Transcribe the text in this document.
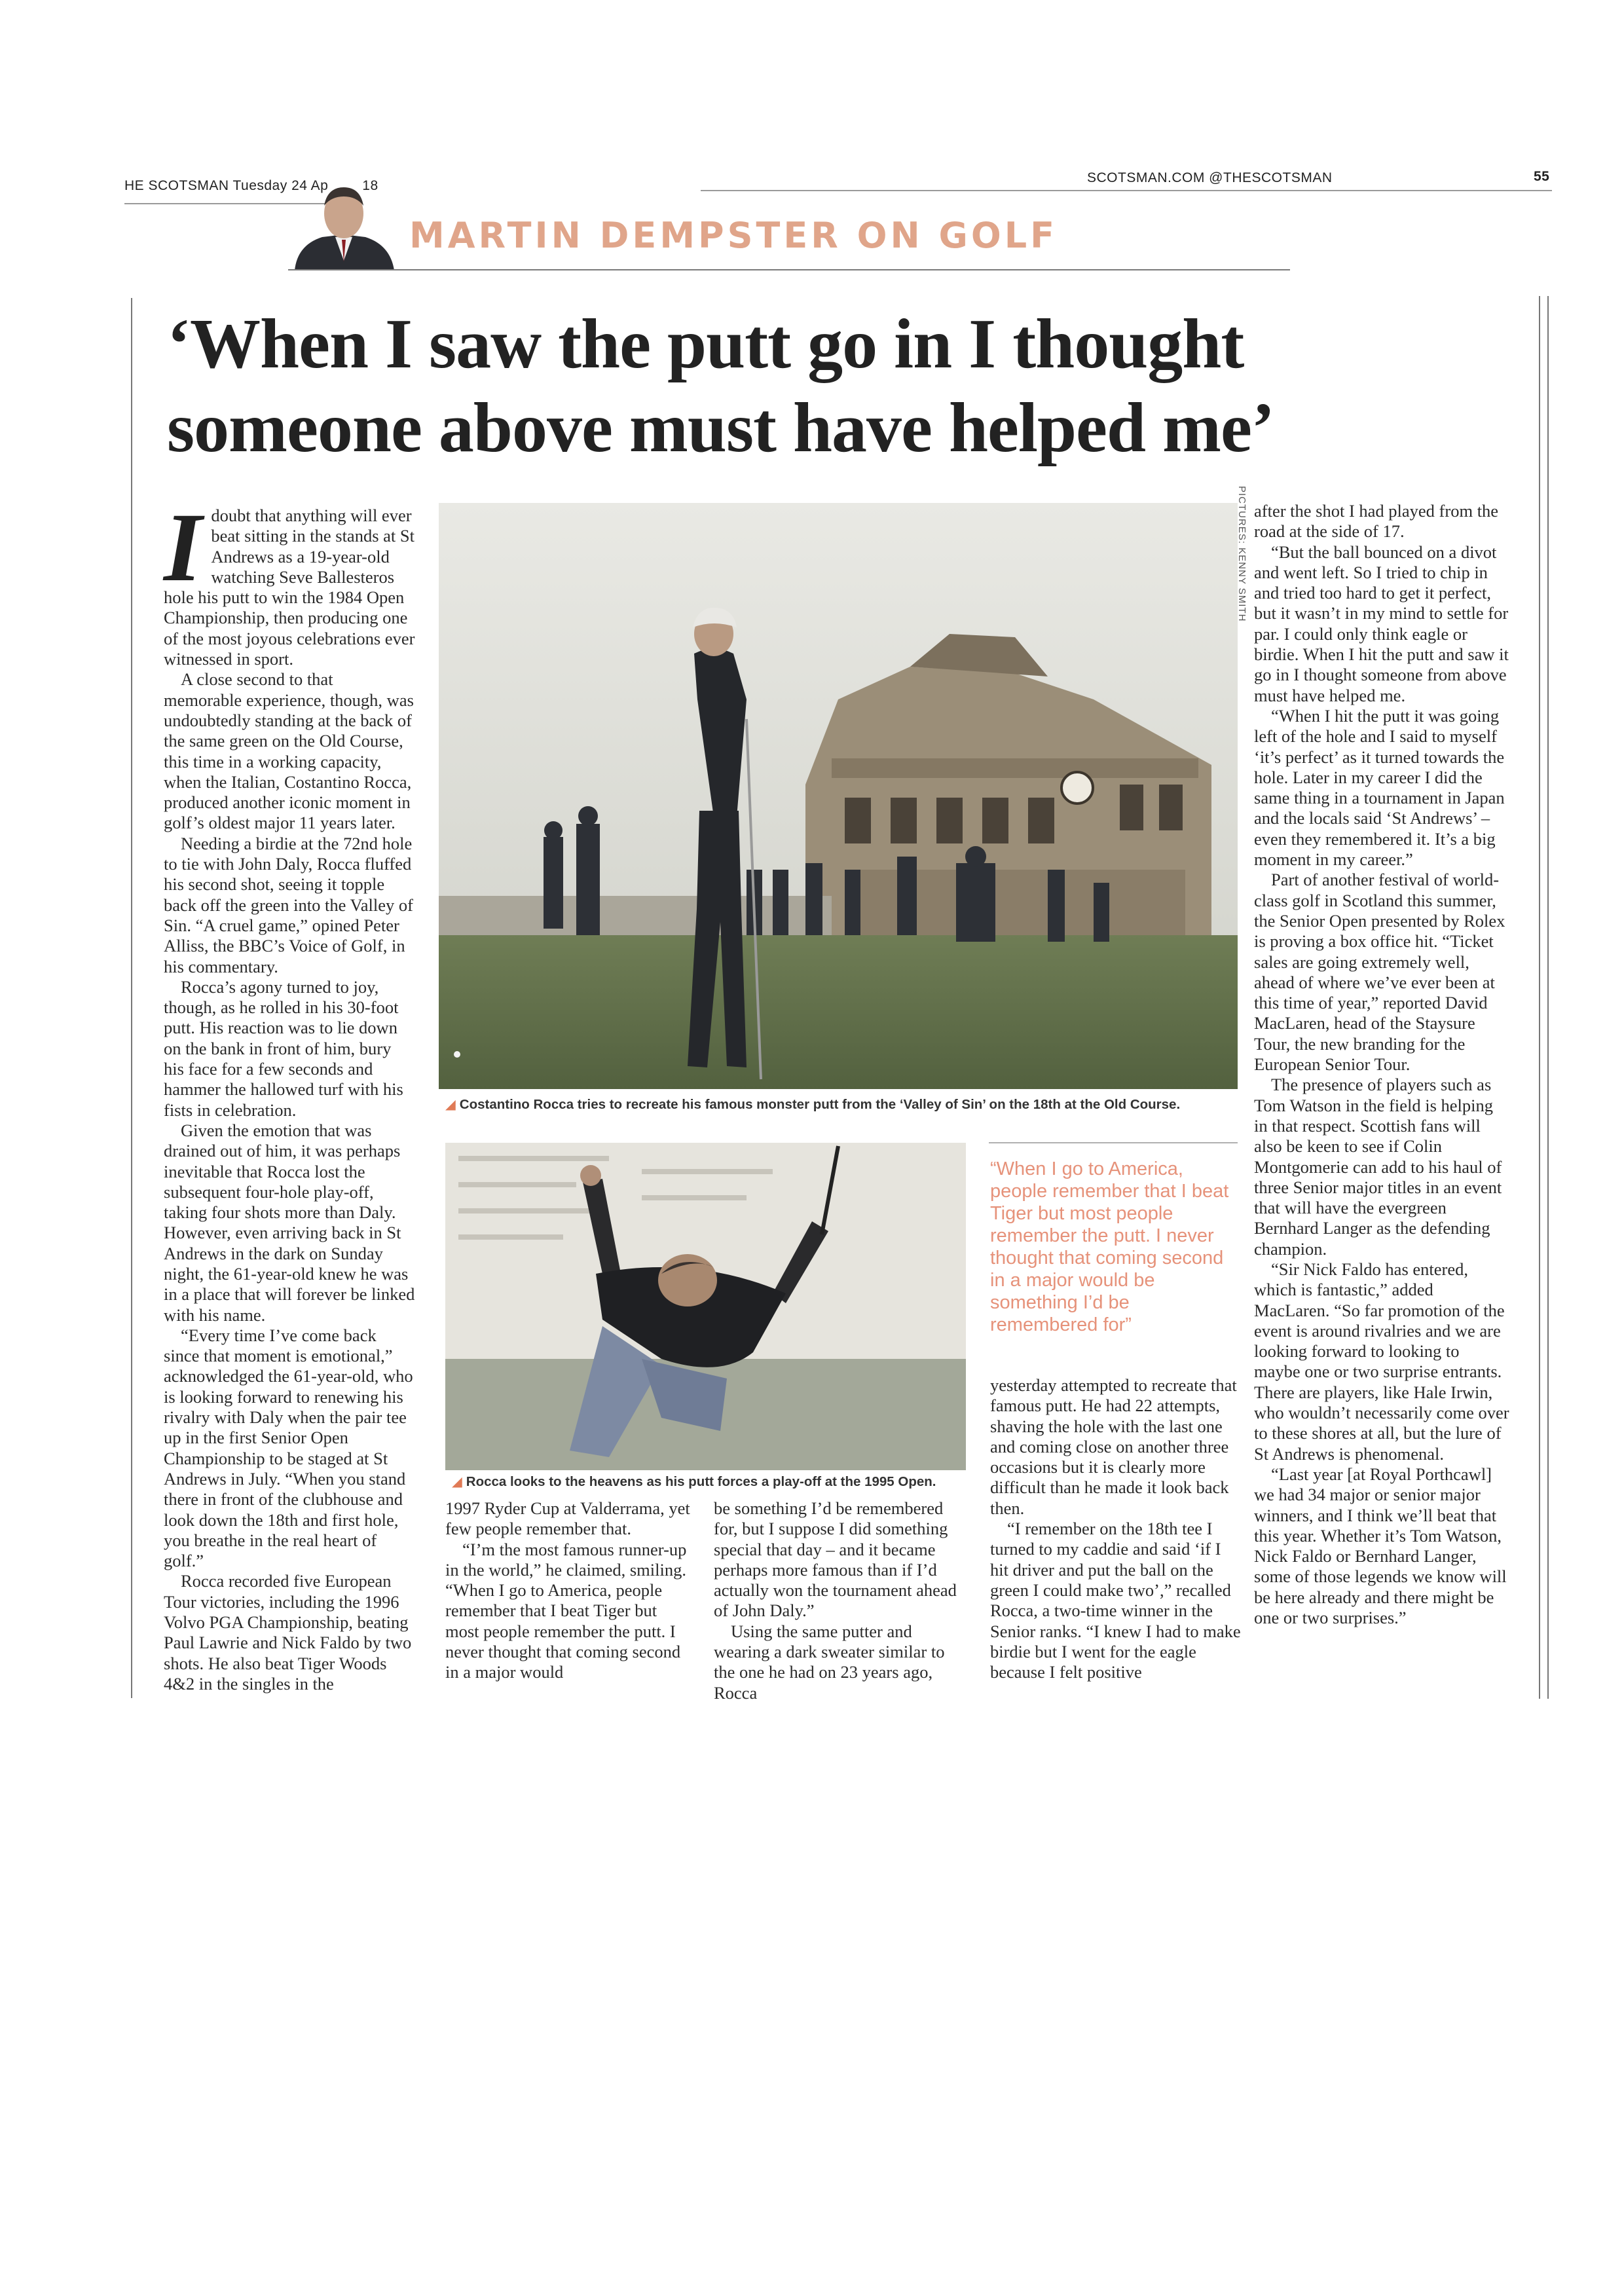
HE SCOTSMAN Tuesday 24 Ap 18
SCOTSMAN.COM @THESCOTSMAN	55
MARTIN DEMPSTER ON GOLF
‘When I saw the putt go in I thought
someone above must have helped me’
I doubt that anything will ever beat sitting in the stands at St Andrews as a 19-year-old watching Seve Ballesteros hole his putt to win the 1984 Open Championship, then producing one of the most joyous celebrations ever witnessed in sport.

A close second to that memorable experience, though, was undoubtedly standing at the back of the same green on the Old Course, this time in a working capacity, when the Italian, Costantino Rocca, produced another iconic moment in golf’s oldest major 11 years later.

Needing a birdie at the 72nd hole to tie with John Daly, Rocca fluffed his second shot, seeing it topple back off the green into the Valley of Sin. “A cruel game,” opined Peter Alliss, the BBC’s Voice of Golf, in his commentary.

Rocca’s agony turned to joy, though, as he rolled in his 30-foot putt. His reaction was to lie down on the bank in front of him, bury his face for a few seconds and hammer the hallowed turf with his fists in celebration.

Given the emotion that was drained out of him, it was perhaps inevitable that Rocca lost the subsequent four-hole play-off, taking four shots more than Daly. However, even arriving back in St Andrews in the dark on Sunday night, the 61-year-old knew he was in a place that will forever be linked with his name.

“Every time I’ve come back since that moment is emotional,” acknowledged the 61-year-old, who is looking forward to renewing his rivalry with Daly when the pair tee up in the first Senior Open Championship to be staged at St Andrews in July. “When you stand there in front of the clubhouse and look down the 18th and first hole, you breathe in the real heart of golf.”

Rocca recorded five European Tour victories, including the 1996 Volvo PGA Championship, beating Paul Lawrie and Nick Faldo by two shots. He also beat Tiger Woods 4&2 in the singles in the

PICTURES: KENNY SMITH
◢ Costantino Rocca tries to recreate his famous monster putt from the ‘Valley of Sin’ on the 18th at the Old Course.
◢ Rocca looks to the heavens as his putt forces a play-off at the 1995 Open.
“When I go to America, people remember that I beat Tiger but most people remember the putt. I never thought that coming second in a major would be something I’d be remembered for”

1997 Ryder Cup at Valderrama, yet few people remember that.

“I’m the most famous runner-up in the world,” he claimed, smiling. “When I go to America, people remember that I beat Tiger but most people remember the putt. I never thought that coming second in a major would

be something I’d be remembered for, but I suppose I did something special that day – and it became perhaps more famous than if I’d actually won the tournament ahead of John Daly.”

Using the same putter and wearing a dark sweater similar to the one he had on 23 years ago, Rocca

yesterday attempted to recreate that famous putt. He had 22 attempts, shaving the hole with the last one and coming close on another three occasions but it is clearly more difficult than he made it look back then.

“I remember on the 18th tee I turned to my caddie and said ‘if I hit driver and put the ball on the green I could make two’,” recalled Rocca, a two-time winner in the Senior ranks. “I knew I had to make birdie but I went for the eagle because I felt positive

after the shot I had played from the road at the side of 17.

“But the ball bounced on a divot and went left. So I tried to chip in and tried too hard to get it perfect, but it wasn’t in my mind to settle for par. I could only think eagle or birdie. When I hit the putt and saw it go in I thought someone from above must have helped me.

“When I hit the putt it was going left of the hole and I said to myself ‘it’s perfect’ as it turned towards the hole. Later in my career I did the same thing in a tournament in Japan and the locals said ‘St Andrews’ – even they remembered it. It’s a big moment in my career.”

Part of another festival of world-class golf in Scotland this summer, the Senior Open presented by Rolex is proving a box office hit. “Ticket sales are going extremely well, ahead of where we’ve ever been at this time of year,” reported David MacLaren, head of the Staysure Tour, the new branding for the European Senior Tour.

The presence of players such as Tom Watson in the field is helping in that respect. Scottish fans will also be keen to see if Colin Montgomerie can add to his haul of three Senior major titles in an event that will have the evergreen Bernhard Langer as the defending champion.

“Sir Nick Faldo has entered, which is fantastic,” added MacLaren. “So far promotion of the event is around rivalries and we are looking forward to looking to maybe one or two surprise entrants. There are players, like Hale Irwin, who wouldn’t necessarily come over to these shores at all, but the lure of St Andrews is phenomenal.

“Last year [at Royal Porthcawl] we had 34 major or senior major winners, and I think we’ll beat that this year. Whether it’s Tom Watson, Nick Faldo or Bernhard Langer, some of those legends we know will be here already and there might be one or two surprises.”
